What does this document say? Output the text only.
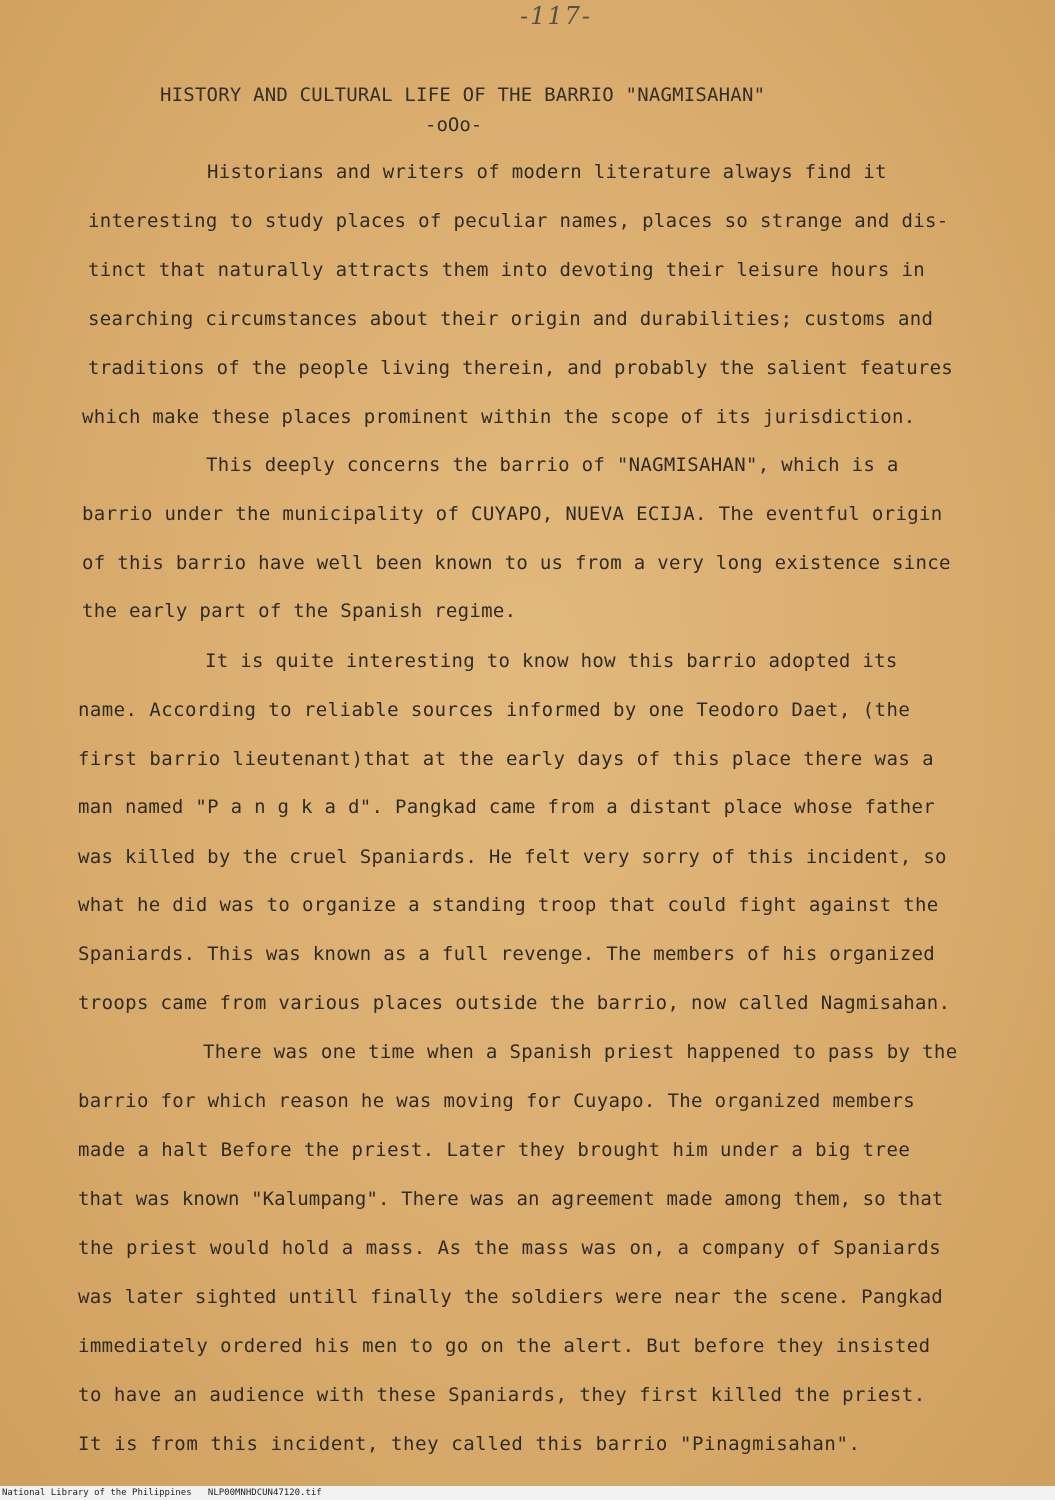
-117-
HISTORY AND CULTURAL LIFE OF THE BARRIO "NAGMISAHAN"
-oOo-
Historians and writers of modern literature always find it
interesting to study places of peculiar names, places so strange and dis-
tinct that naturally attracts them into devoting their leisure hours in
searching circumstances about their origin and durabilities; customs and
traditions of the people living therein, and probably the salient features
which make these places prominent within the scope of its jurisdiction.
This deeply concerns the barrio of "NAGMISAHAN", which is a
barrio under the municipality of CUYAPO, NUEVA ECIJA. The eventful origin
of this barrio have well been known to us from a very long existence since
the early part of the Spanish regime.
It is quite interesting to know how this barrio adopted its
name. According to reliable sources informed by one Teodoro Daet, (the
first barrio lieutenant)that at the early days of this place there was a
man named "P a n g k a d". Pangkad came from a distant place whose father
was killed by the cruel Spaniards. He felt very sorry of this incident, so
what he did was to organize a standing troop that could fight against the
Spaniards. This was known as a full revenge. The members of his organized
troops came from various places outside the barrio, now called Nagmisahan.
There was one time when a Spanish priest happened to pass by the
barrio for which reason he was moving for Cuyapo. The organized members
made a halt Before the priest. Later they brought him under a big tree
that was known "Kalumpang". There was an agreement made among them, so that
the priest would hold a mass. As the mass was on, a company of Spaniards
was later sighted untill finally the soldiers were near the scene. Pangkad
immediately ordered his men to go on the alert. But before they insisted
to have an audience with these Spaniards, they first killed the priest.
It is from this incident, they called this barrio "Pinagmisahan".
National Library of the Philippines NLP00MNHDCUN47120.tif
